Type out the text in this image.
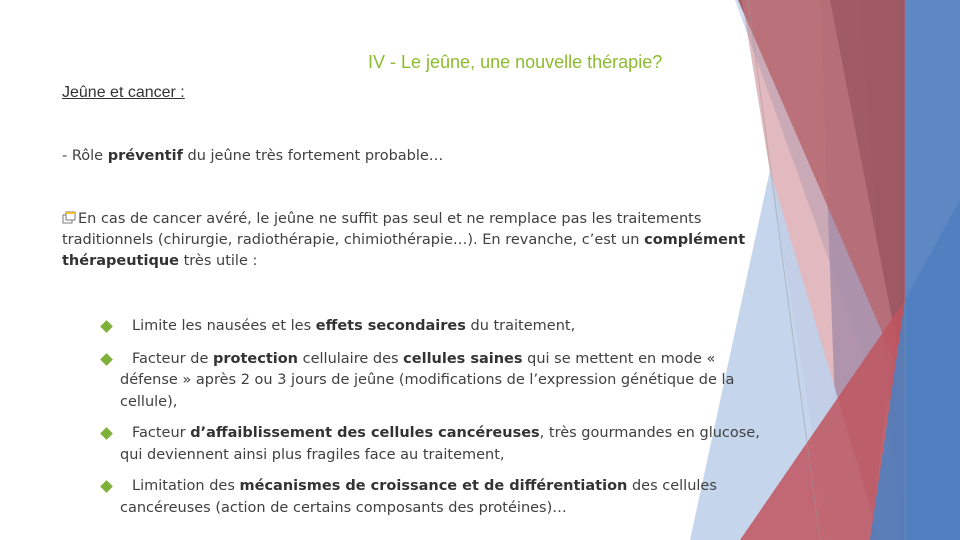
IV - Le jeûne, une nouvelle thérapie?
Jeûne et cancer :
- Rôle préventif du jeûne très fortement probable…
En cas de cancer avéré, le jeûne ne suffit pas seul et ne remplace pas les traitements traditionnels (chirurgie, radiothérapie, chimiothérapie…). En revanche, c’est un complément thérapeutique très utile :
Limite les nausées et les effets secondaires du traitement,
Facteur de protection cellulaire des cellules saines qui se mettent en mode « défense » après 2 ou 3 jours de jeûne (modifications de l’expression génétique de la cellule),
Facteur d’affaiblissement des cellules cancéreuses, très gourmandes en glucose, qui deviennent ainsi plus fragiles face au traitement,
Limitation des mécanismes de croissance et de différentiation des cellules cancéreuses (action de certains composants des protéines)…
